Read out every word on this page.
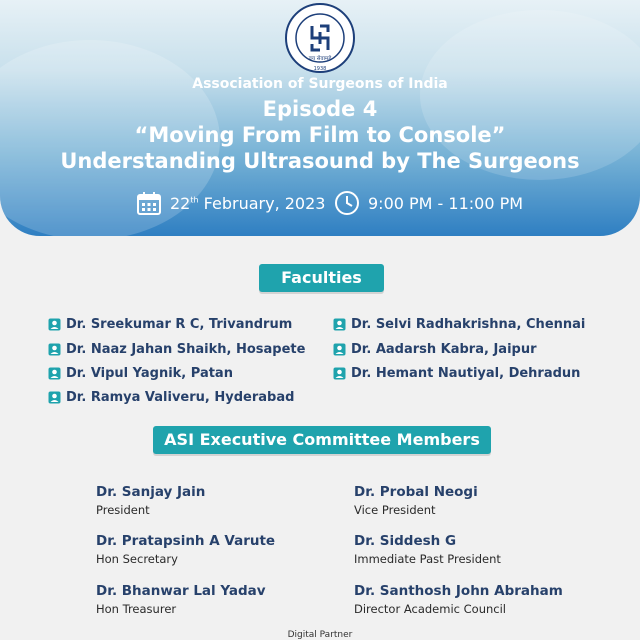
वय सेवामहे
1938
Association of Surgeons of India
Episode 4
“Moving From Film to Console”
Understanding Ultrasound by The Surgeons
22th February, 2023	9:00 PM - 11:00 PM
Faculties
Dr. Sreekumar R C, Trivandrum
Dr. Naaz Jahan Shaikh, Hosapete
Dr. Vipul Yagnik, Patan
Dr. Ramya Valiveru, Hyderabad
Dr. Selvi Radhakrishna, Chennai
Dr. Aadarsh Kabra, Jaipur
Dr. Hemant Nautiyal, Dehradun
ASI Executive Committee Members
Dr. Sanjay Jain
President
Dr. Probal Neogi
Vice President
Dr. Pratapsinh A Varute
Hon Secretary
Dr. Siddesh G
Immediate Past President
Dr. Bhanwar Lal Yadav
Hon Treasurer
Dr. Santhosh John Abraham
Director Academic Council
Digital Partner
